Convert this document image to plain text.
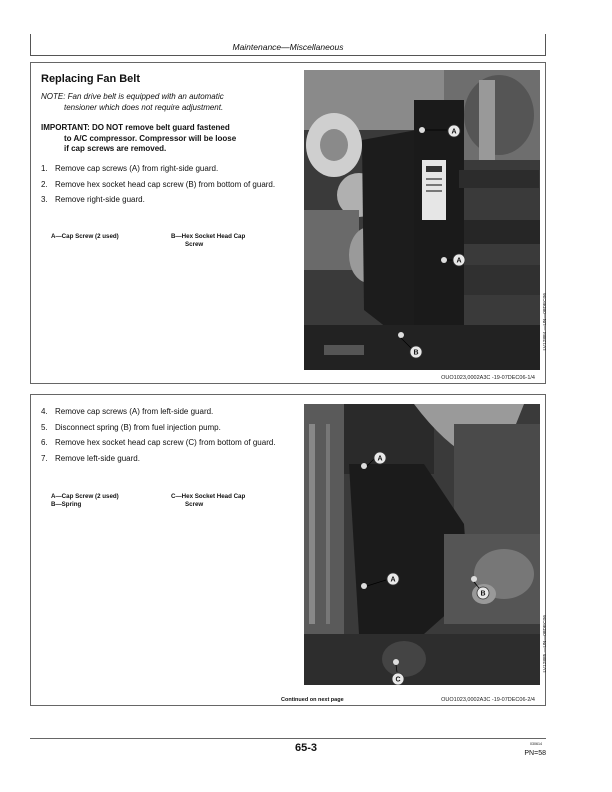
Maintenance—Miscellaneous
Replacing Fan Belt
NOTE: Fan drive belt is equipped with an automatic
tensioner which does not require adjustment.
IMPORTANT: DO NOT remove belt guard fastened
to A/C compressor. Compressor will be loose
if cap screws are removed.
1. Remove cap screws (A) from right-side guard.
2. Remove hex socket head cap screw (B) from bottom of guard.
3. Remove right-side guard.
A—Cap Screw (2 used)	B—Hex Socket Head Cap
Screw
A
A
B
LV12884 —UN—08DEC06
OUO1023,0002A3C -19-07DEC06-1/4
4. Remove cap screws (A) from left-side guard.
5. Disconnect spring (B) from fuel injection pump.
6. Remove hex socket head cap screw (C) from bottom of guard.
7. Remove left-side guard.
A—Cap Screw (2 used)
B—Spring
C—Hex Socket Head Cap
Screw
A
A
B
C
LV12885 —UN—08DEC06
Continued on next page	OUO1023,0002A3C -19-07DEC06-2/4
65-3	030614
PN=58
